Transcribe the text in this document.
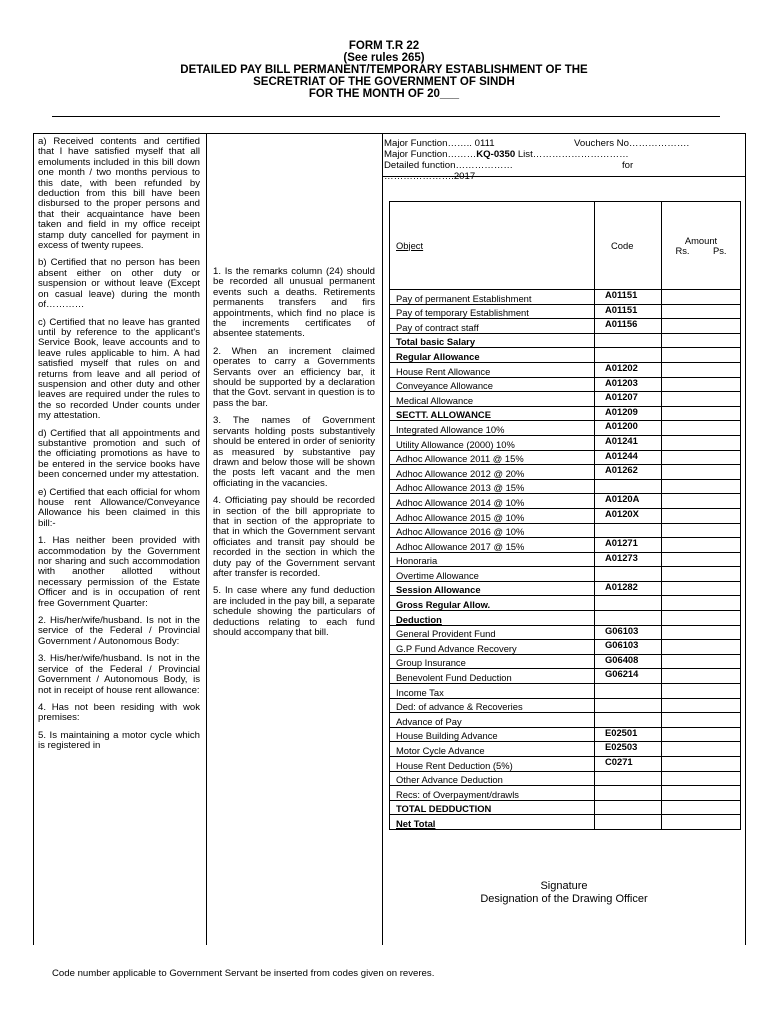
FORM T.R 22
(See rules 265)
DETAILED PAY BILL PERMANENT/TEMPORARY ESTABLISHMENT OF THE
SECRETRIAT OF THE GOVERNMENT OF SINDH
FOR THE MONTH OF 20___

a) Received contents and certified that I have satisfied myself that all emoluments included in this bill down one month / two months pervious to this date, with been refunded by deduction from this bill have been disbursed to the proper persons and that their acquaintance have been taken and field in my office receipt stamp duty cancelled for payment in excess of twenty rupees.

b) Certified that no person has been absent either on other duty or suspension or without leave (Except on casual leave) during the month of…………

c) Certified that no leave has granted until by reference to the applicant's Service Book, leave accounts and to leave rules applicable to him. A had satisfied myself that rules on and returns from leave and all period of suspension and other duty and other leaves are required under the rules to the so recorded Under counts under my attestation.

d) Certified that all appointments and substantive promotion and such of the officiating promotions as have to be entered in the service books have been concerned under my attestation.

e) Certified that each official for whom house rent Allowance/Conveyance Allowance his been claimed in this bill:-

1. Has neither been provided with accommodation by the Government nor sharing and such accommodation with another allotted without necessary permission of the Estate Officer and is in occupation of rent free Government Quarter:

2. His/her/wife/husband. Is not in the service of the Federal / Provincial Government / Autonomous Body:

3. His/her/wife/husband. Is not in the service of the Federal / Provincial Government / Autonomous Body, is not in receipt of house rent allowance:

4. Has not been residing with wok premises:

5. Is maintaining a motor cycle which is registered in

1. Is the remarks column (24) should be recorded all unusual permanent events such a deaths. Retirements permanents transfers and firs appointments, which find no place is the increments certificates of absentee statements.

2. When an increment claimed operates to carry a Governments Servants over an efficiency bar, it should be supported by a declaration that the Govt. servant in question is to pass the bar.

3. The names of Government servants holding posts substantively should be entered in order of seniority as measured by substantive pay drawn and below those will be shown the posts left vacant and the men officiating in the vacancies.

4. Officiating pay should be recorded in section of the bill appropriate to that in section of the appropriate to that in which the Government servant officiates and transit pay should be recorded in the section in which the duty pay of the Government servant after transfer is recorded.

5. In case where any fund deduction are included in the pay bill, a separate schedule showing the particulars of deductions relating to each fund should accompany that bill.

Major Function…….. 0111	Vouchers No……………….
Major Function………KQ-0350 List…………………………
Detailed function………………	for
………………….2017
Object	Code	Amount
Rs. Ps.

Pay of permanent Establishment	A01151	
Pay of temporary Establishment	A01151	
Pay of contract staff	A01156	
Total basic Salary		
Regular Allowance		
House Rent Allowance	A01202	
Conveyance Allowance	A01203	
Medical Allowance	A01207	
SECTT. ALLOWANCE	A01209	
Integrated Allowance 10%	A01200	
Utility Allowance (2000) 10%	A01241	
Adhoc Allowance 2011 @ 15%	A01244	
Adhoc Allowance 2012 @ 20%	A01262	
Adhoc Allowance 2013 @ 15%		
Adhoc Allowance 2014 @ 10%	A0120A	
Adhoc Allowance 2015 @ 10%	A0120X	
Adhoc Allowance 2016 @ 10%		
Adhoc Allowance 2017 @ 15%	A01271	
Honoraria	A01273	
Overtime Allowance		
Session Allowance	A01282	
Gross Regular Allow.		
Deduction		
General Provident Fund	G06103	
G.P Fund Advance Recovery	G06103	
Group Insurance	G06408	
Benevolent Fund Deduction	G06214	
Income Tax		
Ded: of advance & Recoveries		
Advance of Pay		
House Building Advance	E02501	
Motor Cycle Advance	E02503	
House Rent Deduction (5%)	C0271	
Other Advance Deduction		
Recs: of Overpayment/drawls		
TOTAL DEDDUCTION		
Net Total		
Signature
Designation of the Drawing Officer
Code number applicable to Government Servant be inserted from codes given on reveres.
